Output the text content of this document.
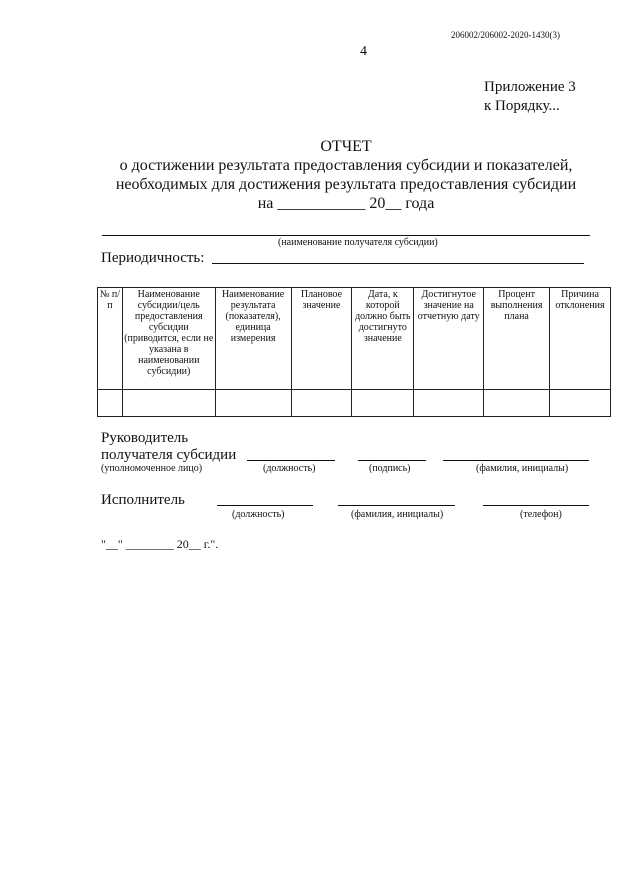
206002/206002-2020-1430(3)
4
Приложение 3
к Порядку...
ОТЧЕТ
о достижении результата предоставления субсидии и показателей,
необходимых для достижения результата предоставления субсидии
на ___________ 20__ года
(наименование получателя субсидии)
Периодичность:
№ п/п	Наименование субсидии/цель предоставления субсидии (приводится, если не указана в наименовании субсидии)	Наименование результата (показателя), единица измерения	Плановое значение	Дата, к которой должно быть достигнуто значение	Достигнутое значение на отчетную дату	Процент выполнения плана	Причина отклонения

Руководитель
получателя субсидии
(уполномоченное лицо)	(должность)	(подпись)	(фамилия, инициалы)
Исполнитель
(должность)	(фамилия, инициалы)	(телефон)
"__" ________ 20__ г.".
